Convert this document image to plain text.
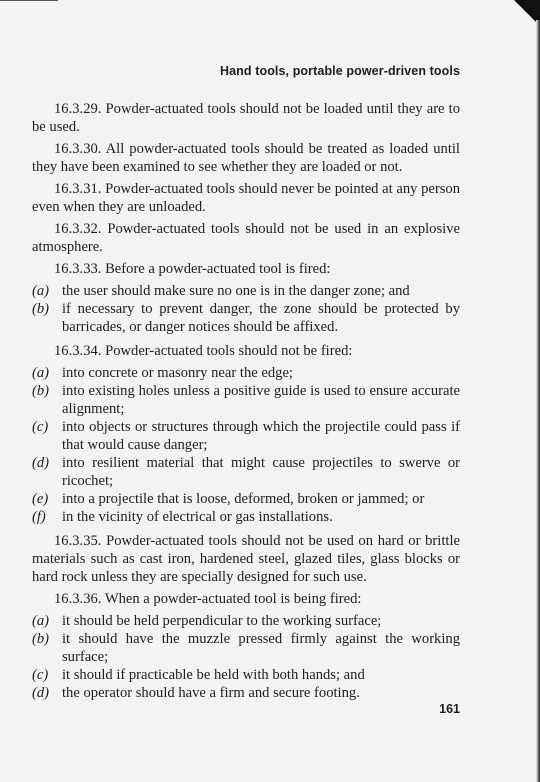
Hand tools, portable power-driven tools

16.3.29. Powder-actuated tools should not be loaded until they are to be used.

16.3.30. All powder-actuated tools should be treated as loaded until they have been examined to see whether they are loaded or not.

16.3.31. Powder-actuated tools should never be pointed at any person even when they are unloaded.

16.3.32. Powder-actuated tools should not be used in an explosive atmosphere.

16.3.33. Before a powder-actuated tool is fired:

(a) the user should make sure no one is in the danger zone; and
(b) if necessary to prevent danger, the zone should be protected by barricades, or danger notices should be affixed.

16.3.34. Powder-actuated tools should not be fired:

(a) into concrete or masonry near the edge;
(b) into existing holes unless a positive guide is used to ensure accurate alignment;
(c) into objects or structures through which the projectile could pass if that would cause danger;
(d) into resilient material that might cause projectiles to swerve or ricochet;
(e) into a projectile that is loose, deformed, broken or jammed; or
(f)	in the vicinity of electrical or gas installations.

16.3.35. Powder-actuated tools should not be used on hard or brittle materials such as cast iron, hardened steel, glazed tiles, glass blocks or hard rock unless they are specially designed for such use.

16.3.36. When a powder-actuated tool is being fired:

(a) it should be held perpendicular to the working surface;
(b) it should have the muzzle pressed firmly against the working surface;
(c) it should if practicable be held with both hands; and
(d) the operator should have a firm and secure footing.
161
